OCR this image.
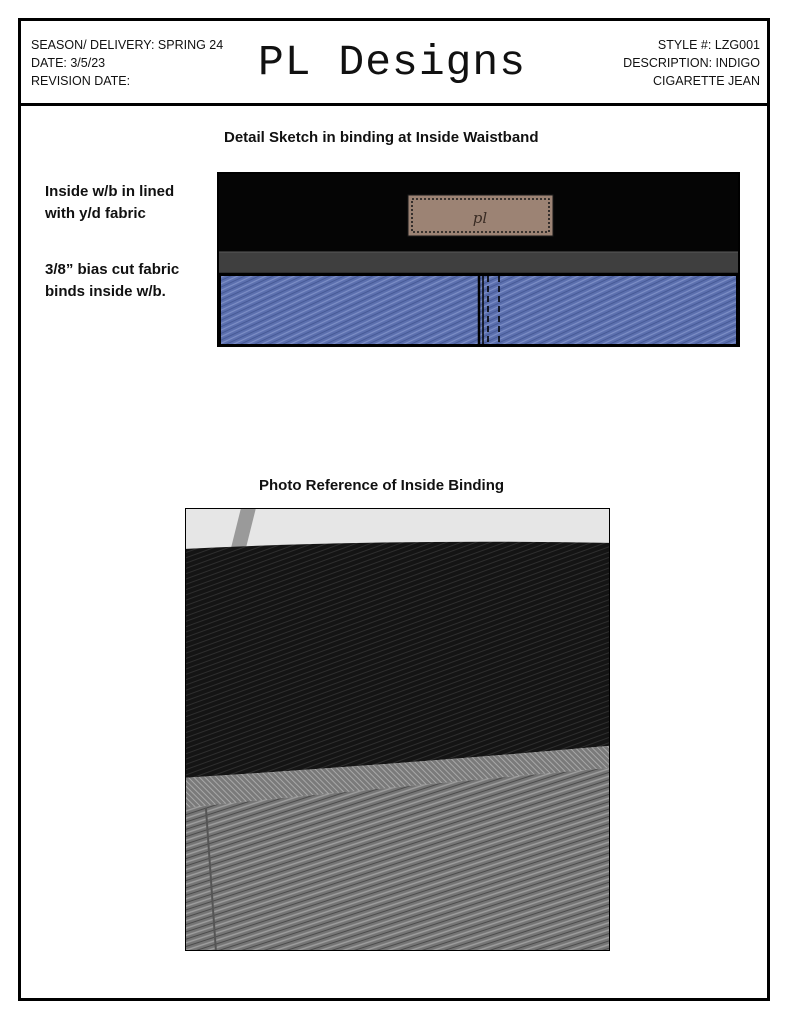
SEASON/ DELIVERY: SPRING 24
DATE: 3/5/23
REVISION DATE:	PL Designs	STYLE #: LZG001
DESCRIPTION: INDIGO
CIGARETTE JEAN
Detail Sketch in binding at Inside Waistband
Inside w/b in lined
with y/d fabric
3/8” bias cut fabric
binds inside w/b.
pl
Photo Reference of Inside Binding
